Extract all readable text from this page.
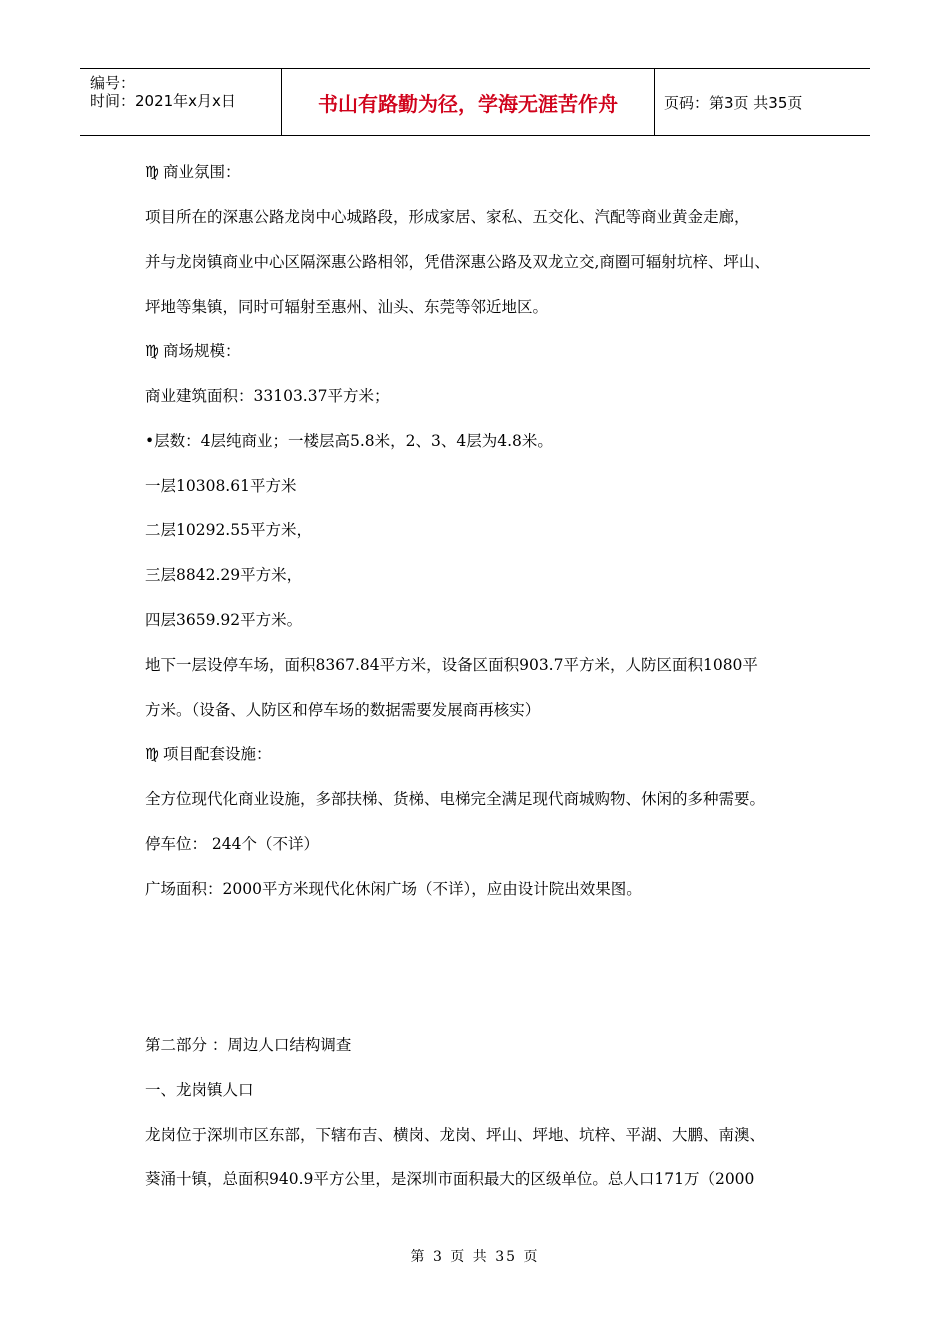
编号：
时间：2021年x月x日	书山有路勤为径，学海无涯苦作舟	页码：第3页 共35页
♍ 商业氛围：
项目所在的深惠公路龙岗中心城路段，形成家居、家私、五交化、汽配等商业黄金走廊，
并与龙岗镇商业中心区隔深惠公路相邻，凭借深惠公路及双龙立交,商圈可辐射坑梓、坪山、
坪地等集镇，同时可辐射至惠州、汕头、东莞等邻近地区。
♍ 商场规模：
商业建筑面积：33103.37平方米；
•层数：4层纯商业；一楼层高5.8米，2、3、4层为4.8米。
一层10308.61平方米
二层10292.55平方米，
三层8842.29平方米，
四层3659.92平方米。
地下一层设停车场，面积8367.84平方米，设备区面积903.7平方米，人防区面积1080平
方米。（设备、人防区和停车场的数据需要发展商再核实）
♍ 项目配套设施：
全方位现代化商业设施，多部扶梯、货梯、电梯完全满足现代商城购物、休闲的多种需要。
停车位： 244个（不详）
广场面积：2000平方米现代化休闲广场（不详），应由设计院出效果图。
第二部分 ：周边人口结构调查
一、龙岗镇人口
龙岗位于深圳市区东部，下辖布吉、横岗、龙岗、坪山、坪地、坑梓、平湖、大鹏、南澳、
葵涌十镇，总面积940.9平方公里，是深圳市面积最大的区级单位。总人口171万（2000
第 3 页 共 35 页
